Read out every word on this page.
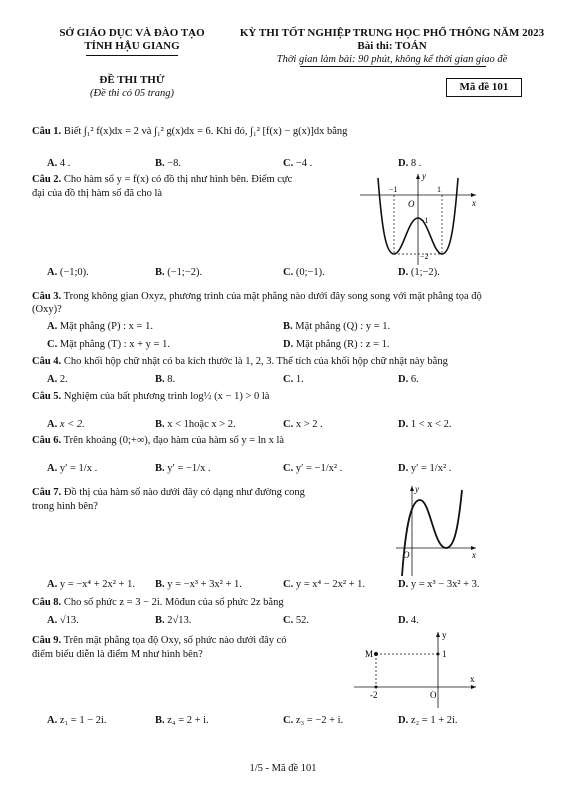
SỞ GIÁO DỤC VÀ ĐÀO TẠO
TỈNH HẬU GIANG
ĐỀ THI THỬ
(Đề thi có 05 trang)
KỲ THI TỐT NGHIỆP TRUNG HỌC PHỔ THÔNG NĂM 2023
Bài thi: TOÁN
Thời gian làm bài: 90 phút, không kể thời gian giao đề
Mã đề 101
Câu 1. Biết ∫₁² f(x)dx = 2 và ∫₁² g(x)dx = 6. Khi đó, ∫₁² [f(x) − g(x)]dx bằng
A. 4 .	B. −8.	C. −4 .	D. 8 .
Câu 2. Cho hàm số y = f(x) có đồ thị như hình bên. Điểm cực
đại của đồ thị hàm số đã cho là
y
x
O
−1	1
−1
−2
A. (−1;0).	B. (−1;−2).	C. (0;−1).	D. (1;−2).
Câu 3. Trong không gian Oxyz, phương trình của mặt phẳng nào dưới đây song song với mặt phẳng tọa độ
(Oxy)?
A. Mặt phẳng (P) : x = 1.	B. Mặt phẳng (Q) : y = 1.
C. Mặt phẳng (T) : x + y = 1.	D. Mặt phẳng (R) : z = 1.
Câu 4. Cho khối hộp chữ nhật có ba kích thước là 1, 2, 3. Thể tích của khối hộp chữ nhật này bằng
A. 2.	B. 8.	C. 1.	D. 6.
Câu 5. Nghiệm của bất phương trình log½ (x − 1) > 0 là
A. x < 2.	B. x < 1hoặc x > 2.	C. x > 2 .	D. 1 < x < 2.
Câu 6. Trên khoảng (0;+∞), đạo hàm của hàm số y = ln x là
A. y′ = 1/x .	B. y′ = −1/x .	C. y′ = −1/x² .	D. y′ = 1/x² .
Câu 7. Đồ thị của hàm số nào dưới đây có dạng như đường cong
trong hình bên?
y
x
O
A. y = −x⁴ + 2x² + 1. B. y = −x³ + 3x² + 1.	C. y = x⁴ − 2x² + 1.	D. y = x³ − 3x² + 3.
Câu 8. Cho số phức z = 3 − 2i. Môđun của số phức 2z bằng
A. √13.	B. 2√13.	C. 52.	D. 4.
Câu 9. Trên mặt phẳng tọa độ Oxy, số phức nào dưới đây có
điểm biểu diễn là điểm M như hình bên?
y
x
O
M	1
-2
A. z₁ = 1 − 2i.	B. z₄ = 2 + i.	C. z₃ = −2 + i.	D. z₂ = 1 + 2i.
1/5 - Mã đề 101
